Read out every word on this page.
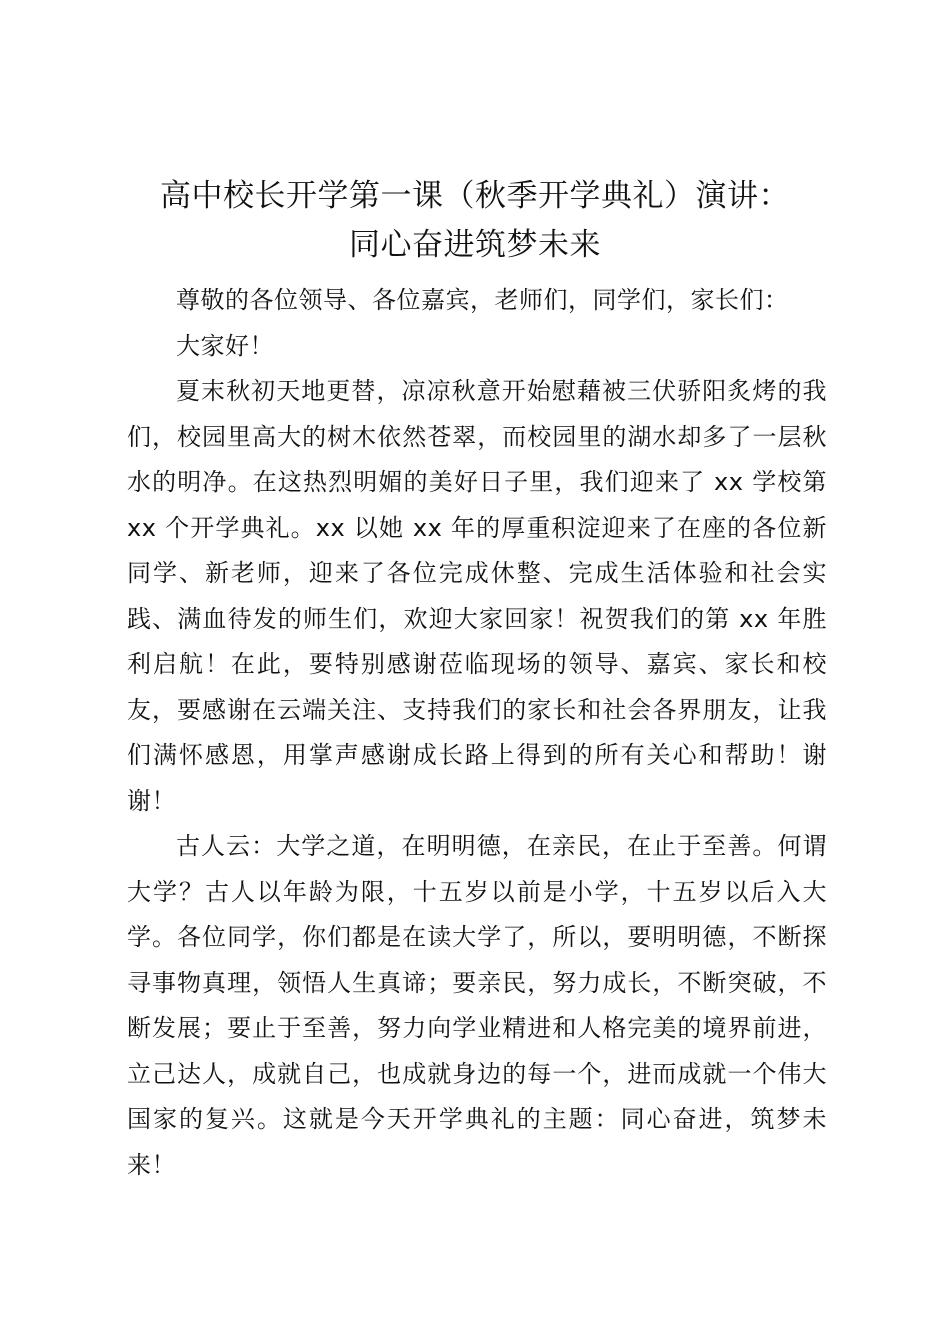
高中校长开学第一课（秋季开学典礼）演讲：
同心奋进筑梦未来

尊敬的各位领导、各位嘉宾，老师们，同学们，家长们：

大家好！

夏末秋初天地更替，凉凉秋意开始慰藉被三伏骄阳炙烤的我们，校园里高大的树木依然苍翠，而校园里的湖水却多了一层秋水的明净。在这热烈明媚的美好日子里，我们迎来了 xx 学校第 xx 个开学典礼。xx 以她 xx 年的厚重积淀迎来了在座的各位新同学、新老师，迎来了各位完成休整、完成生活体验和社会实践、满血待发的师生们，欢迎大家回家！祝贺我们的第 xx 年胜利启航！在此，要特别感谢莅临现场的领导、嘉宾、家长和校友，要感谢在云端关注、支持我们的家长和社会各界朋友，让我们满怀感恩，用掌声感谢成长路上得到的所有关心和帮助！谢谢！

古人云：大学之道，在明明德，在亲民，在止于至善。何谓大学？古人以年龄为限，十五岁以前是小学，十五岁以后入大学。各位同学，你们都是在读大学了，所以，要明明德，不断探寻事物真理，领悟人生真谛；要亲民，努力成长，不断突破，不断发展；要止于至善，努力向学业精进和人格完美的境界前进，立己达人，成就自己，也成就身边的每一个，进而成就一个伟大国家的复兴。这就是今天开学典礼的主题：同心奋进，筑梦未来！
